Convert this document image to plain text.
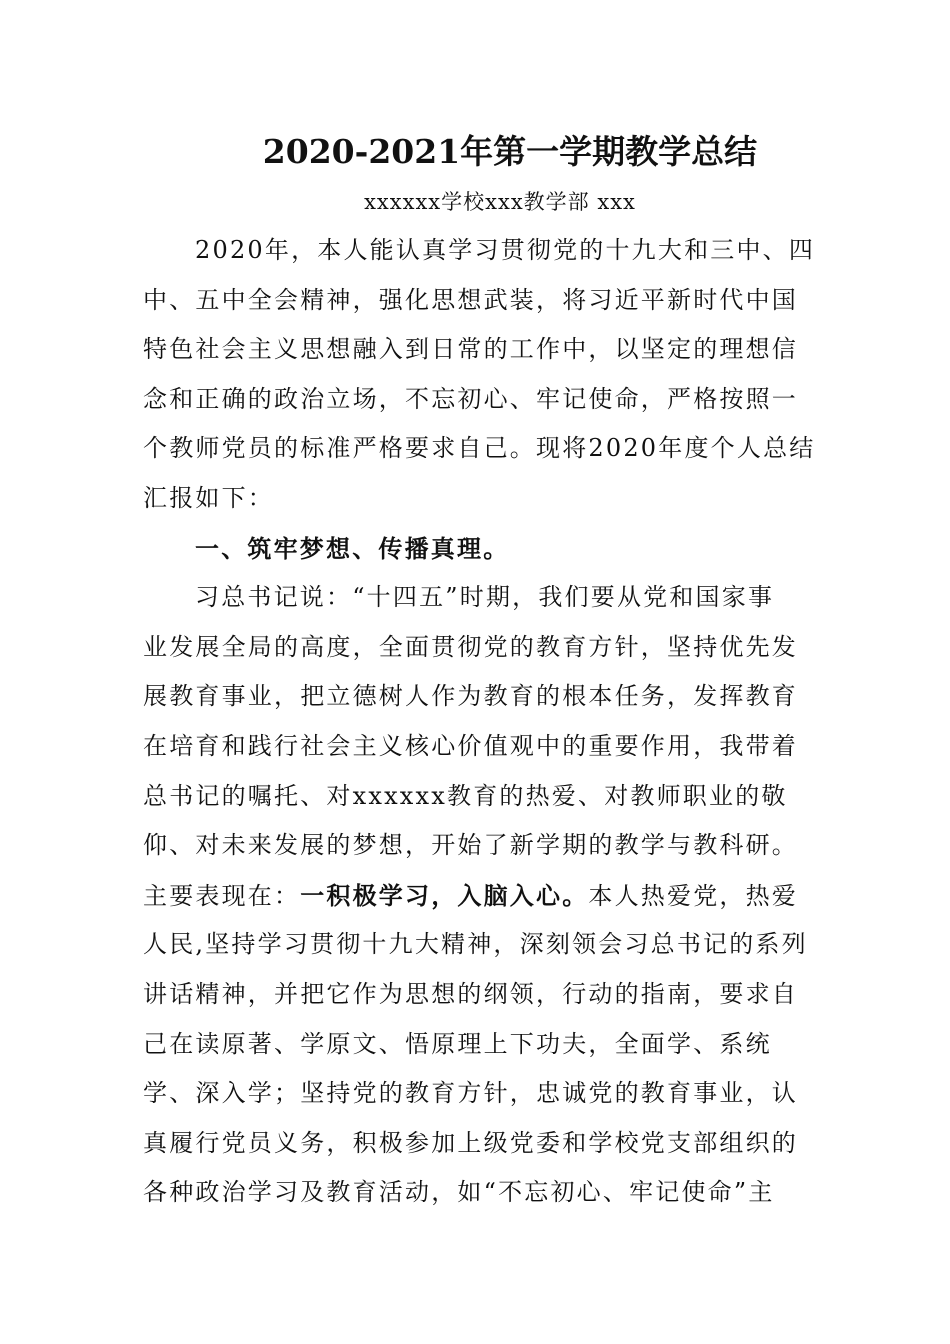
2020-2021年第一学期教学总结
xxxxxx学校xxx教学部 xxx
2020年，本人能认真学习贯彻党的十九大和三中、四
中、五中全会精神，强化思想武装，将习近平新时代中国
特色社会主义思想融入到日常的工作中，以坚定的理想信
念和正确的政治立场，不忘初心、牢记使命，严格按照一
个教师党员的标准严格要求自己。现将2020年度个人总结
汇报如下：
一、筑牢梦想、传播真理。
习总书记说：“十四五”时期，我们要从党和国家事
业发展全局的高度，全面贯彻党的教育方针，坚持优先发
展教育事业，把立德树人作为教育的根本任务，发挥教育
在培育和践行社会主义核心价值观中的重要作用，我带着
总书记的嘱托、对xxxxxx教育的热爱、对教师职业的敬
仰、对未来发展的梦想，开始了新学期的教学与教科研。
主要表现在：一积极学习，入脑入心。本人热爱党，热爱
人民,坚持学习贯彻十九大精神，深刻领会习总书记的系列
讲话精神，并把它作为思想的纲领，行动的指南，要求自
己在读原著、学原文、悟原理上下功夫，全面学、系统
学、深入学；坚持党的教育方针，忠诚党的教育事业，认
真履行党员义务，积极参加上级党委和学校党支部组织的
各种政治学习及教育活动，如“不忘初心、牢记使命”主
